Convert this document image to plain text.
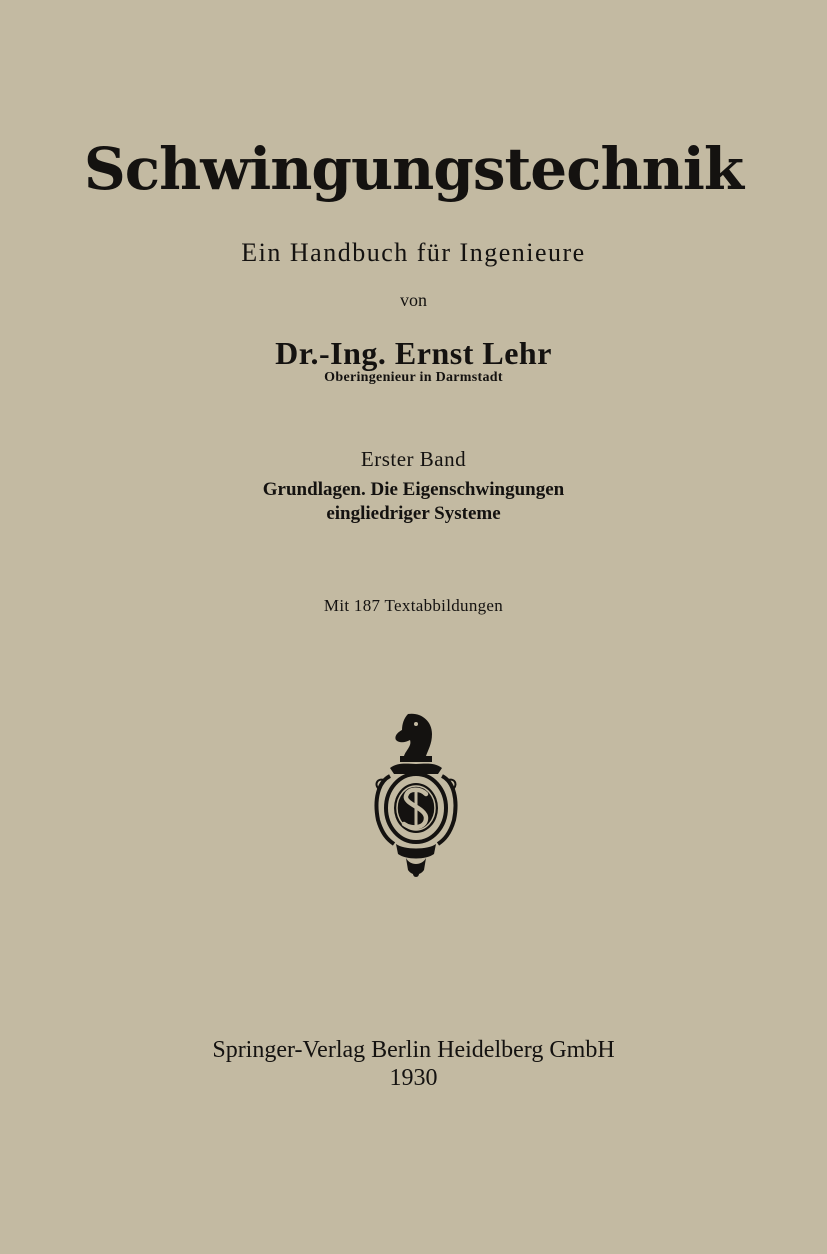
Schwingungstechnik
Ein Handbuch für Ingenieure
von
Dr.-Ing. Ernst Lehr
Oberingenieur in Darmstadt
Erster Band
Grundlagen. Die Eigenschwingungen
eingliedriger Systeme
Mit 187 Textabbildungen
Springer-Verlag Berlin Heidelberg GmbH
1930
